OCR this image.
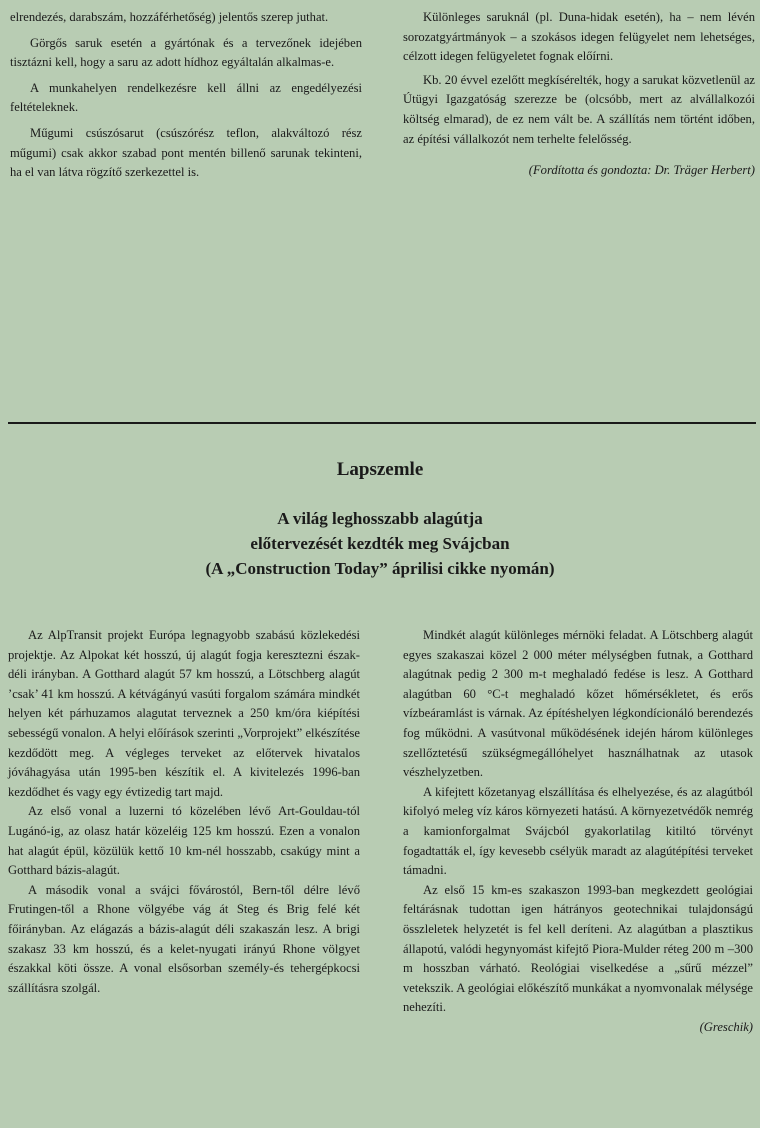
elrendezés, darabszám, hozzáférhetőség) jelentős szerep juthat.

Görgős saruk esetén a gyártónak és a tervezőnek idejében tisztázni kell, hogy a saru az adott hídhoz egyáltalán alkalmas-e.

A munkahelyen rendelkezésre kell állni az engedélyezési feltételeknek.

Műgumi csúszósarut (csúszórész teflon, alakváltozó rész műgumi) csak akkor szabad pont mentén billenő sarunak tekinteni, ha el van látva rögzítő szerkezettel is.

Különleges saruknál (pl. Duna-hidak esetén), ha – nem lévén sorozatgyártmányok – a szokásos idegen felügyelet nem lehetséges, célzott idegen felügyeletet fognak előírni.

Kb. 20 évvel ezelőtt megkísérelték, hogy a sarukat közvetlenül az Útügyi Igazgatóság szerezze be (olcsóbb, mert az alvállalkozói költség elmarad), de ez nem vált be. A szállítás nem történt időben, az építési vállalkozót nem terhelte felelősség.

(Fordította és gondozta: Dr. Träger Herbert)

Lapszemle
A világ leghosszabb alagútja
előtervezését kezdték meg Svájcban
(A „Construction Today” áprilisi cikke nyomán)

Az AlpTransit projekt Európa legnagyobb szabású közlekedési projektje. Az Alpokat két hosszú, új alagút fogja keresztezni észak-déli irányban. A Gotthard alagút 57 km hosszú, a Lötschberg alagút ’csak’ 41 km hosszú. A kétvágányú vasúti forgalom számára mindkét helyen két párhuzamos alagutat terveznek a 250 km/óra kiépítési sebességű vonalon. A helyi előírások szerinti „Vorprojekt” elkészítése kezdődött meg. A végleges terveket az előtervek hivatalos jóváhagyása után 1995-ben készítik el. A kivitelezés 1996-ban kezdődhet és vagy egy évtizedig tart majd.

Az első vonal a luzerni tó közelében lévő Art-Gouldau-tól Lugánó-ig, az olasz határ közeléig 125 km hosszú. Ezen a vonalon hat alagút épül, közülük kettő 10 km-nél hosszabb, csakúgy mint a Gotthard bázis-alagút.

A második vonal a svájci fővárostól, Bern-től délre lévő Frutingen-től a Rhone völgyébe vág át Steg és Brig felé két főirányban. Az elágazás a bázis-alagút déli szakaszán lesz. A brigi szakasz 33 km hosszú, és a kelet-nyugati irányú Rhone völgyet északkal köti össze. A vonal elsősorban személy-és tehergépkocsi szállításra szolgál.

Mindkét alagút különleges mérnöki feladat. A Lötschberg alagút egyes szakaszai közel 2 000 méter mélységben futnak, a Gotthard alagútnak pedig 2 300 m-t meghaladó fedése is lesz. A Gotthard alagútban 60 °C-t meghaladó kőzet hőmérsékletet, és erős vízbeáramlást is várnak. Az építéshelyen légkondícionáló berendezés fog működni. A vasútvonal működésének idején három különleges szellőztetésű szükségmegállóhelyet használhatnak az utasok vészhelyzetben.

A kifejtett kőzetanyag elszállítása és elhelyezése, és az alagútból kifolyó meleg víz káros környezeti hatású. A környezetvédők nemrég a kamionforgalmat Svájcból gyakorlatilag kitiltó törvényt fogadtatták el, így kevesebb csélyük maradt az alagútépítési terveket támadni.

Az első 15 km-es szakaszon 1993-ban megkezdett geológiai feltárásnak tudottan igen hátrányos geotechnikai tulajdonságú összleletek helyzetét is fel kell deríteni. Az alagútban a plasztikus állapotú, valódi hegynyomást kifejtő Piora-Mulder réteg 200 m –300 m hosszban várható. Reológiai viselkedése a „sűrű mézzel” vetekszik. A geológiai előkészítő munkákat a nyomvonalak mélysége nehezíti.

(Greschik)
